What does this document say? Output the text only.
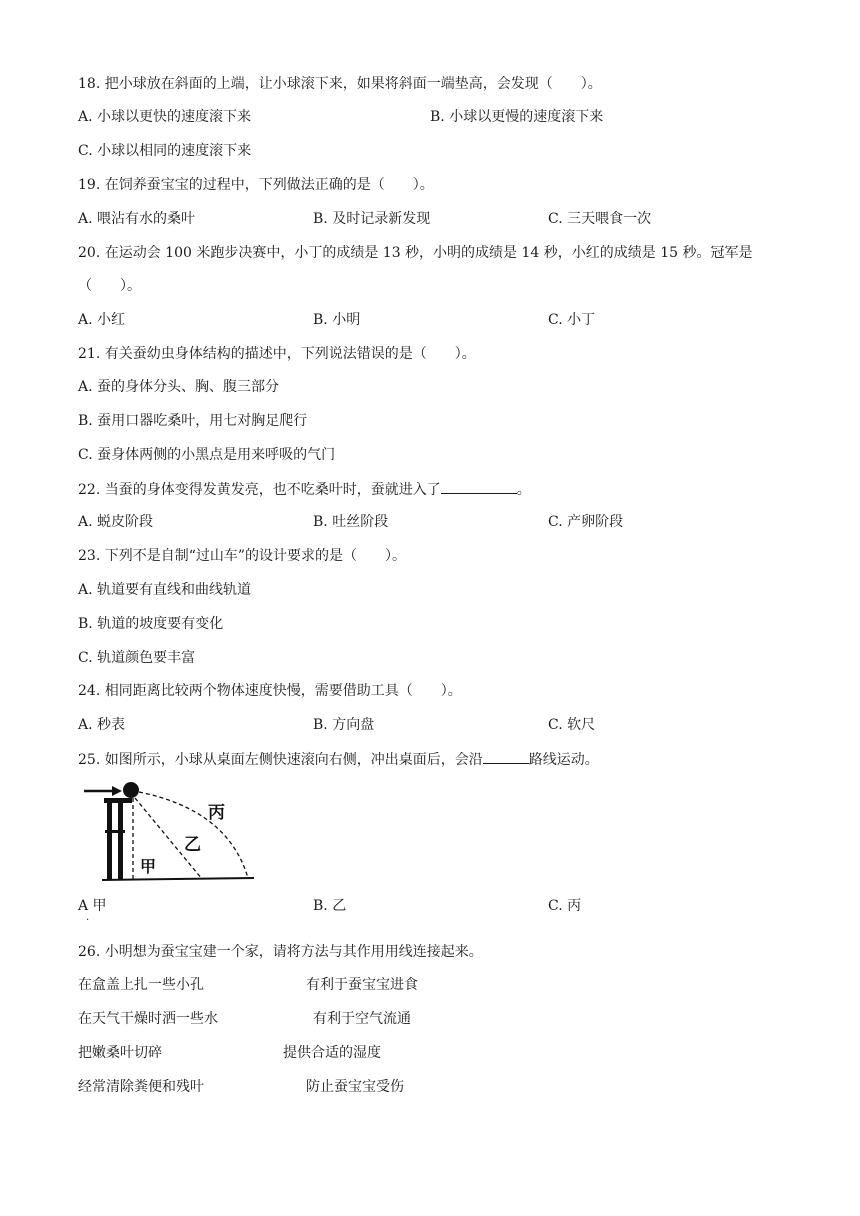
18. 把小球放在斜面的上端，让小球滚下来，如果将斜面一端垫高，会发现（　　）。
A. 小球以更快的速度滚下来	B. 小球以更慢的速度滚下来
C. 小球以相同的速度滚下来
19. 在饲养蚕宝宝的过程中，下列做法正确的是（　　）。
A. 喂沾有水的桑叶	B. 及时记录新发现	C. 三天喂食一次
20. 在运动会 100 米跑步决赛中，小丁的成绩是 13 秒，小明的成绩是 14 秒，小红的成绩是 15 秒。冠军是
（　　）。
A. 小红	B. 小明	C. 小丁
21. 有关蚕幼虫身体结构的描述中，下列说法错误的是（　　）。
A. 蚕的身体分头、胸、腹三部分
B. 蚕用口器吃桑叶，用七对胸足爬行
C. 蚕身体两侧的小黑点是用来呼吸的气门
22. 当蚕的身体变得发黄发亮，也不吃桑叶时，蚕就进入了	。
A. 蜕皮阶段	B. 吐丝阶段	C. 产卵阶段
23. 下列不是自制“过山车”的设计要求的是（　　）。
A. 轨道要有直线和曲线轨道
B. 轨道的坡度要有变化
C. 轨道颜色要丰富
24. 相同距离比较两个物体速度快慢，需要借助工具（　　）。
A. 秒表	B. 方向盘	C. 软尺
25. 如图所示，小球从桌面左侧快速滚向右侧，冲出桌面后，会沿	路线运动。
丙
乙
甲
A 甲
.
B. 乙	C. 丙
26. 小明想为蚕宝宝建一个家，请将方法与其作用用线连接起来。
在盒盖上扎一些小孔	有利于蚕宝宝进食
在天气干燥时洒一些水	有利于空气流通
把嫩桑叶切碎	提供合适的湿度
经常清除粪便和残叶	防止蚕宝宝受伤
